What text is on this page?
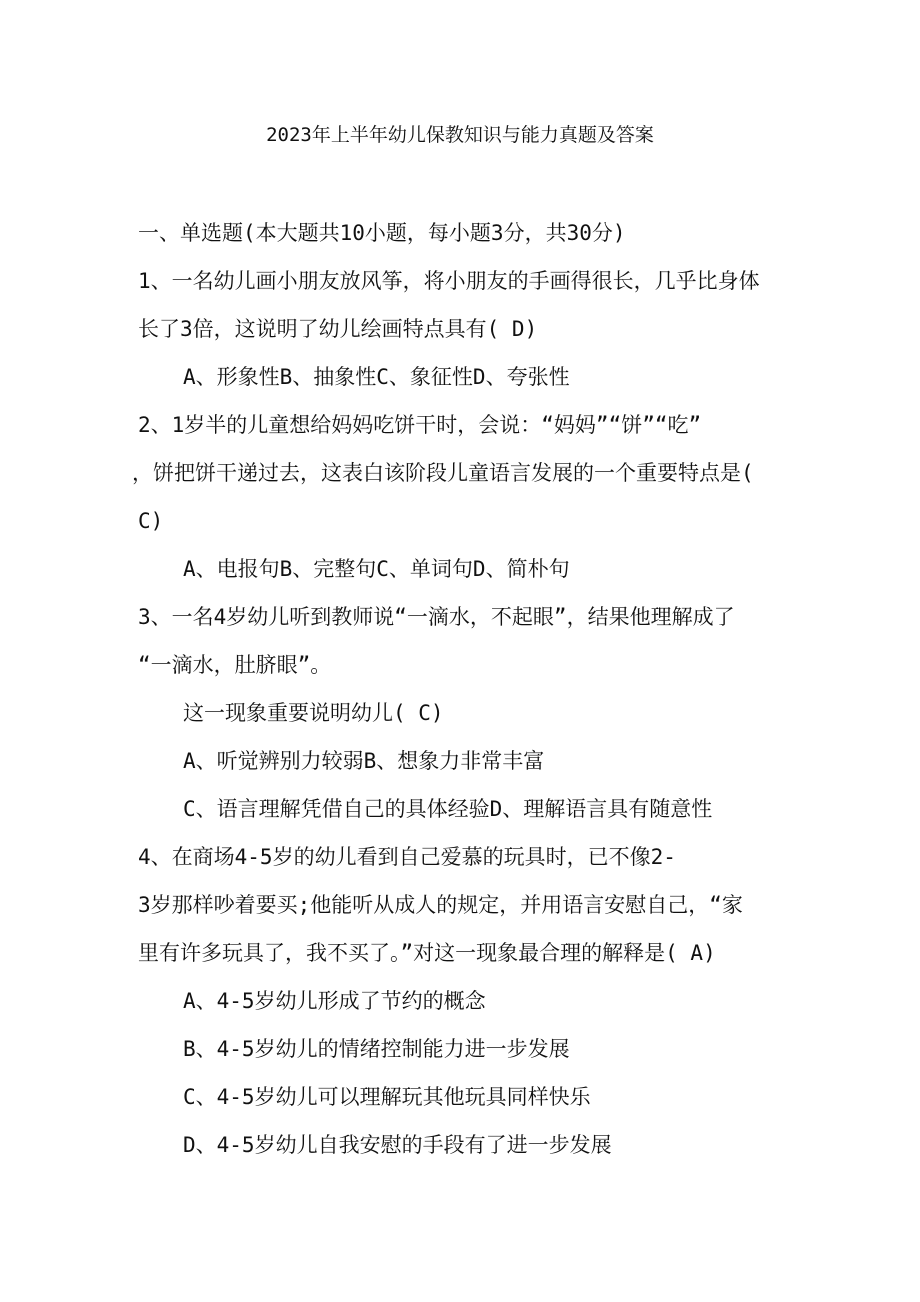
2023年上半年幼儿保教知识与能力真题及答案

一、单选题(本大题共10小题，每小题3分，共30分)

1、一名幼儿画小朋友放风筝，将小朋友的手画得很长，几乎比身体

长了3倍，这说明了幼儿绘画特点具有( D)

A、形象性B、抽象性C、象征性D、夸张性

2、1岁半的儿童想给妈妈吃饼干时，会说：“妈妈”“饼”“吃”

，饼把饼干递过去，这表白该阶段儿童语言发展的一个重要特点是(

C)

A、电报句B、完整句C、单词句D、简朴句

3、一名4岁幼儿听到教师说“一滴水，不起眼”，结果他理解成了

“一滴水，肚脐眼”。

这一现象重要说明幼儿( C)

A、听觉辨别力较弱B、想象力非常丰富

C、语言理解凭借自己的具体经验D、理解语言具有随意性

4、在商场4-5岁的幼儿看到自己爱慕的玩具时，已不像2-

3岁那样吵着要买;他能听从成人的规定，并用语言安慰自己，“家

里有许多玩具了，我不买了。”对这一现象最合理的解释是( A)

A、4-5岁幼儿形成了节约的概念

B、4-5岁幼儿的情绪控制能力进一步发展

C、4-5岁幼儿可以理解玩其他玩具同样快乐

D、4-5岁幼儿自我安慰的手段有了进一步发展
